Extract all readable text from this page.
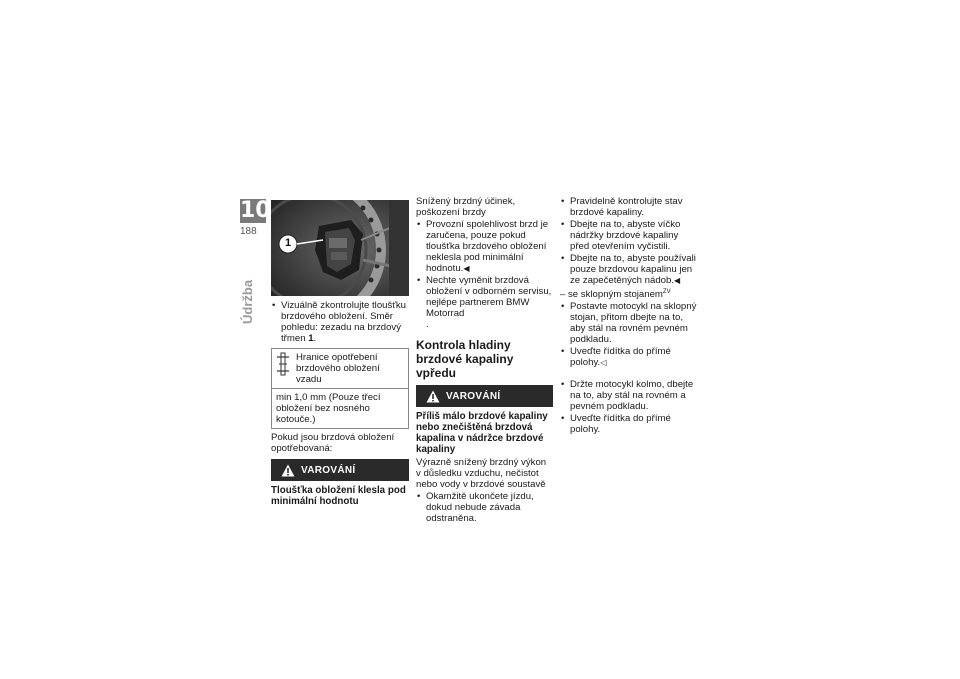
10
188
Údržba
1
• Vizuálně zkontrolujte tloušťku brzdového obložení. Směr pohledu: zezadu na brzdový třmen 1.
Hranice opotřebení brzdového obložení vzadu
min 1,0 mm (Pouze třecí obložení bez nosného kotouče.)
Pokud jsou brzdová obložení opotřebovaná:
VAROVÁNÍ
Tloušťka obložení klesla pod minimální hodnotu
Snížený brzdný účinek, poškození brzdy
• Provozní spolehlivost brzd je zaručena, pouze pokud tloušťka brzdového obložení neklesla pod minimální hodnotu.◀
• Nechte vyměnit brzdová obložení v odborném servisu, nejlépe partnerem BMW Motorrad
.
Kontrola hladiny brzdové kapaliny vpředu
VAROVÁNÍ
Příliš málo brzdové kapaliny nebo znečištěná brzdová kapalina v nádržce brzdové kapaliny
Výrazně snížený brzdný výkon v důsledku vzduchu, nečistot nebo vody v brzdové soustavě
• Okamžitě ukončete jízdu, dokud nebude závada odstraněna.
• Pravidelně kontrolujte stav brzdové kapaliny.
• Dbejte na to, abyste víčko nádržky brzdové kapaliny před otevřením vyčistili.
• Dbejte na to, abyste používali pouze brzdovou kapalinu jen ze zapečetěných nádob.◀
– se sklopným stojanem$^{ZV}$
• Postavte motocykl na sklopný stojan, přitom dbejte na to, aby stál na rovném pevném podkladu.
• Uveďte řídítka do přímé polohy.◁
• Držte motocykl kolmo, dbejte na to, aby stál na rovném a pevném podkladu.
• Uveďte řídítka do přímé polohy.
